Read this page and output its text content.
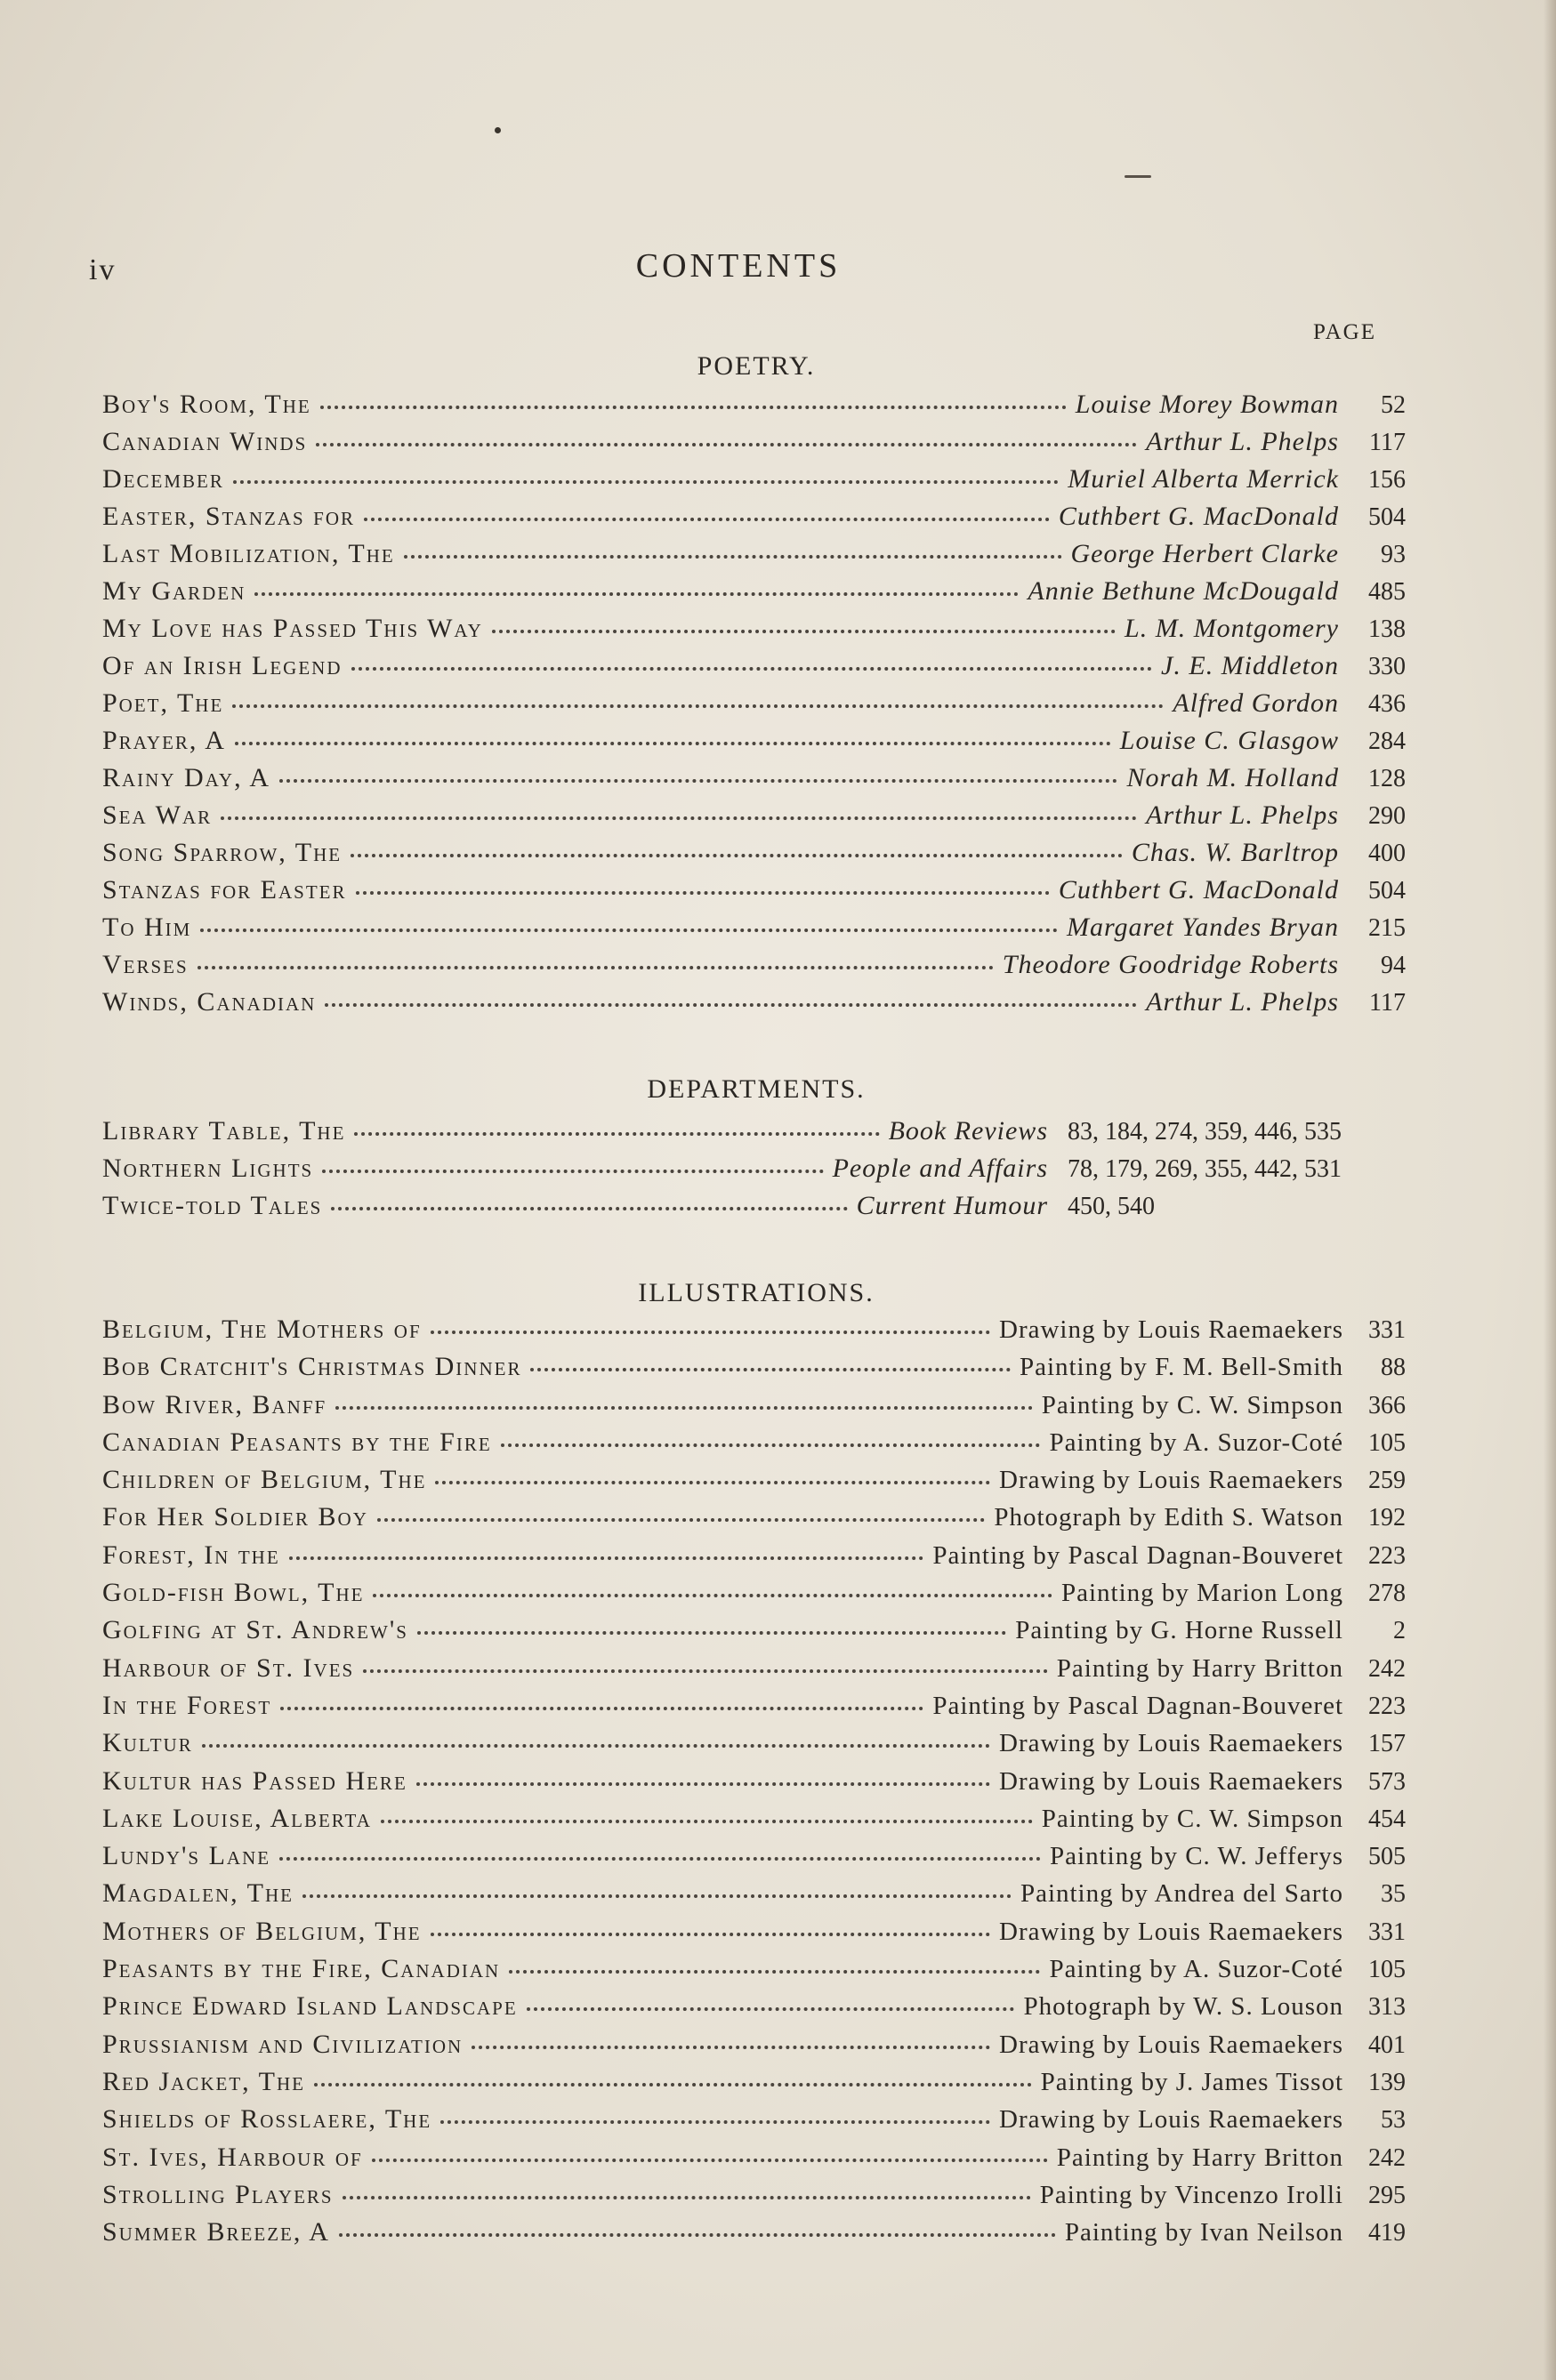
iv	CONTENTS
PAGE
POETRY.
Boy's Room, The	Louise Morey Bowman	52
Canadian Winds	Arthur L. Phelps	117
December	Muriel Alberta Merrick	156
Easter, Stanzas for	Cuthbert G. MacDonald	504
Last Mobilization, The	George Herbert Clarke	93
My Garden	Annie Bethune McDougald	485
My Love has Passed This Way	L. M. Montgomery	138
Of an Irish Legend	J. E. Middleton	330
Poet, The	Alfred Gordon	436
Prayer, A	Louise C. Glasgow	284
Rainy Day, A	Norah M. Holland	128
Sea War	Arthur L. Phelps	290
Song Sparrow, The	Chas. W. Barltrop	400
Stanzas for Easter	Cuthbert G. MacDonald	504
To Him	Margaret Yandes Bryan	215
Verses	Theodore Goodridge Roberts	94
Winds, Canadian	Arthur L. Phelps	117
DEPARTMENTS.
Library Table, The	Book Reviews 83, 184, 274, 359, 446, 535
Northern Lights	People and Affairs 78, 179, 269, 355, 442, 531
Twice-told Tales	Current Humour 450, 540
ILLUSTRATIONS.
Belgium, The Mothers of	Drawing by Louis Raemaekers 331
Bob Cratchit's Christmas Dinner	Painting by F. M. Bell-Smith	88
Bow River, Banff	Painting by C. W. Simpson 366
Canadian Peasants by the Fire	Painting by A. Suzor-Coté 105
Children of Belgium, The	Drawing by Louis Raemaekers 259
For Her Soldier Boy	Photograph by Edith S. Watson 192
Forest, In the	Painting by Pascal Dagnan-Bouveret 223
Gold-fish Bowl, The	Painting by Marion Long 278
Golfing at St. Andrew's	Painting by G. Horne Russell	2
Harbour of St. Ives	Painting by Harry Britton 242
In the Forest	Painting by Pascal Dagnan-Bouveret 223
Kultur	Drawing by Louis Raemaekers 157
Kultur has Passed Here	Drawing by Louis Raemaekers 573
Lake Louise, Alberta	Painting by C. W. Simpson 454
Lundy's Lane	Painting by C. W. Jefferys 505
Magdalen, The	Painting by Andrea del Sarto	35
Mothers of Belgium, The	Drawing by Louis Raemaekers 331
Peasants by the Fire, Canadian	Painting by A. Suzor-Coté 105
Prince Edward Island Landscape	Photograph by W. S. Louson 313
Prussianism and Civilization	Drawing by Louis Raemaekers 401
Red Jacket, The	Painting by J. James Tissot 139
Shields of Rosslaere, The	Drawing by Louis Raemaekers	53
St. Ives, Harbour of	Painting by Harry Britton 242
Strolling Players	Painting by Vincenzo Irolli 295
Summer Breeze, A	Painting by Ivan Neilson 419
